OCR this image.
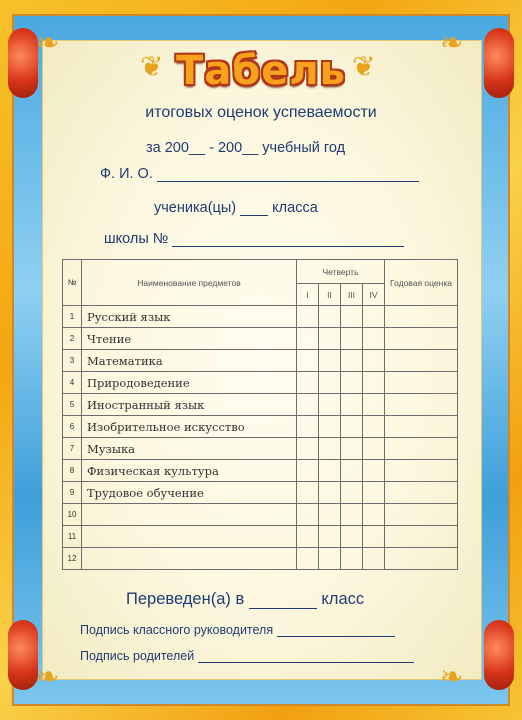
❦	❦
❧	❧
❧	❧
Табель
итоговых оценок успеваемости
за 200__ - 200__ учебный год
Ф. И. О.
ученика(цы) класса
школы №
№	Наименование предметов	Четверть				Годовая оценка
		I	II	III	IV	
1	Русский язык					
2	Чтение					
3	Математика					
4	Природоведение					
5	Иностранный язык					
6	Изобрительное искусство					
7	Музыка					
8	Физическая культура					
9	Трудовое обучение					
10						
11						
12						
Переведен(а) в	класс
Подпись классного руководителя
Подпись родителей
